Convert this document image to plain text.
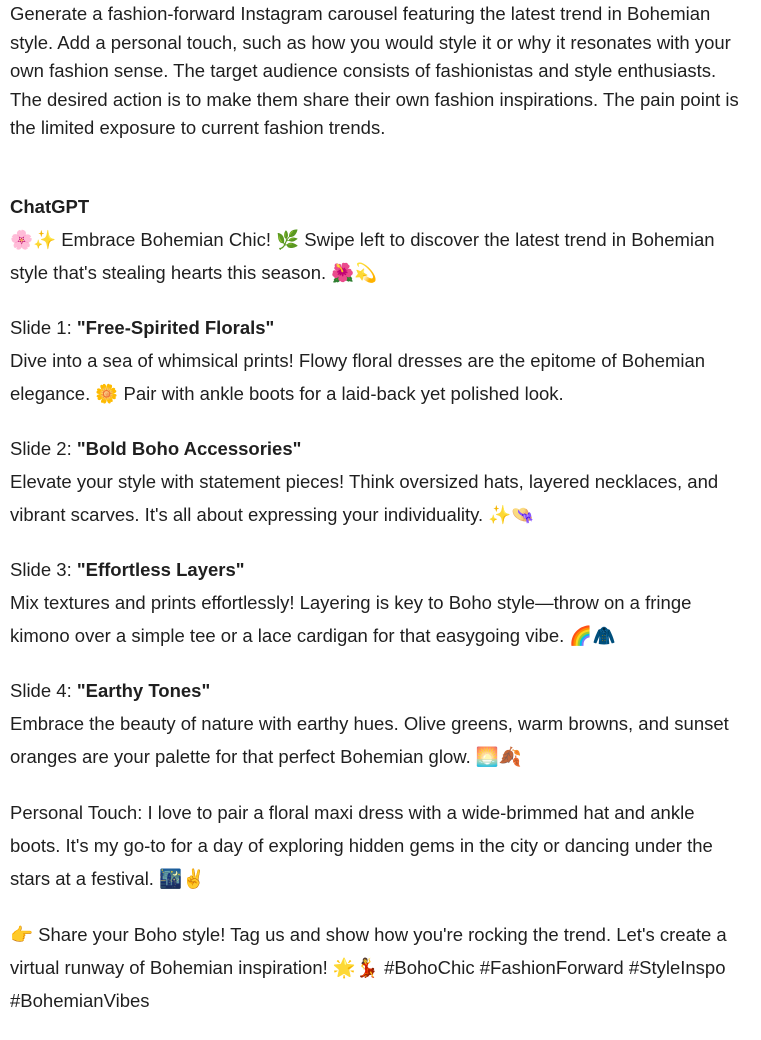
Generate a fashion-forward Instagram carousel featuring the latest trend in Bohemian style. Add a personal touch, such as how you would style it or why it resonates with your own fashion sense. The target audience consists of fashionistas and style enthusiasts. The desired action is to make them share their own fashion inspirations. The pain point is the limited exposure to current fashion trends.

ChatGPT

🌸✨ Embrace Bohemian Chic! 🌿 Swipe left to discover the latest trend in Bohemian style that's stealing hearts this season. 🌺💫

Slide 1: "Free-Spirited Florals"

Dive into a sea of whimsical prints! Flowy floral dresses are the epitome of Bohemian elegance. 🌼 Pair with ankle boots for a laid-back yet polished look.

Slide 2: "Bold Boho Accessories"

Elevate your style with statement pieces! Think oversized hats, layered necklaces, and vibrant scarves. It's all about expressing your individuality. ✨👒

Slide 3: "Effortless Layers"

Mix textures and prints effortlessly! Layering is key to Boho style—throw on a fringe kimono over a simple tee or a lace cardigan for that easygoing vibe. 🌈🧥

Slide 4: "Earthy Tones"

Embrace the beauty of nature with earthy hues. Olive greens, warm browns, and sunset oranges are your palette for that perfect Bohemian glow. 🌅🍂

Personal Touch: I love to pair a floral maxi dress with a wide-brimmed hat and ankle boots. It's my go-to for a day of exploring hidden gems in the city or dancing under the stars at a festival. 🌃✌️

👉 Share your Boho style! Tag us and show how you're rocking the trend. Let's create a virtual runway of Bohemian inspiration! 🌟💃 #BohoChic #FashionForward #StyleInspo #BohemianVibes
